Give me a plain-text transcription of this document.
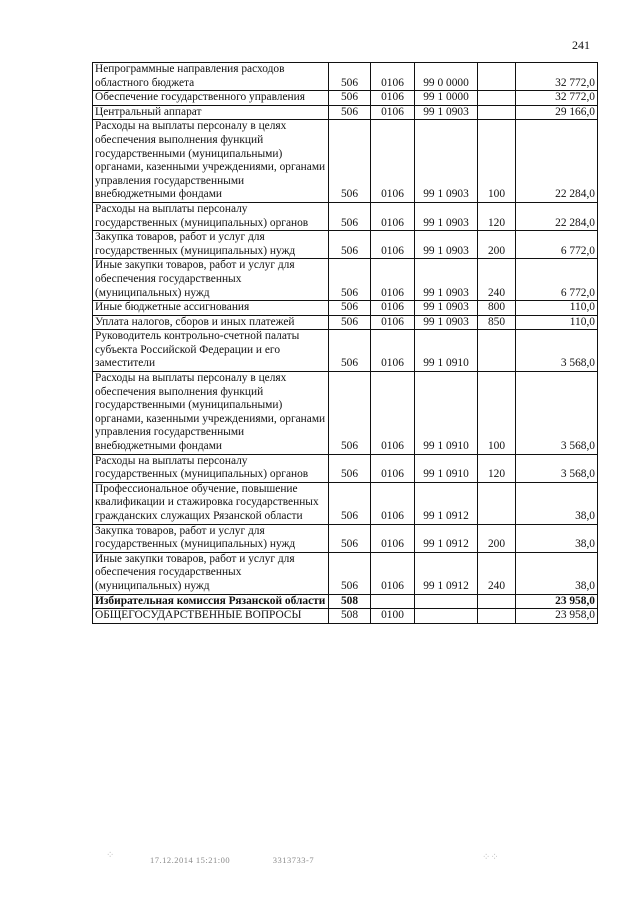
241
Непрограммные направления расходов областного бюджета	506	0106	99 0 0000		32 772,0
Обеспечение государственного управления	506	0106	99 1 0000		32 772,0
Центральный аппарат	506	0106	99 1 0903		29 166,0
Расходы на выплаты персоналу в целях обеспечения выполнения функций государственными (муниципальными) органами, казенными учреждениями, органами управления государственными внебюджетными фондами	506	0106	99 1 0903	100	22 284,0
Расходы на выплаты персоналу государственных (муниципальных) органов	506	0106	99 1 0903	120	22 284,0
Закупка товаров, работ и услуг для государственных (муниципальных) нужд	506	0106	99 1 0903	200	6 772,0
Иные закупки товаров, работ и услуг для обеспечения государственных (муниципальных) нужд	506	0106	99 1 0903	240	6 772,0
Иные бюджетные ассигнования	506	0106	99 1 0903	800	110,0
Уплата налогов, сборов и иных платежей	506	0106	99 1 0903	850	110,0
Руководитель контрольно-счетной палаты субъекта Российской Федерации и его заместители	506	0106	99 1 0910		3 568,0
Расходы на выплаты персоналу в целях обеспечения выполнения функций государственными (муниципальными) органами, казенными учреждениями, органами управления государственными внебюджетными фондами	506	0106	99 1 0910	100	3 568,0
Расходы на выплаты персоналу государственных (муниципальных) органов	506	0106	99 1 0910	120	3 568,0
Профессиональное обучение, повышение квалификации и стажировка государственных гражданских служащих Рязанской области	506	0106	99 1 0912		38,0
Закупка товаров, работ и услуг для государственных (муниципальных) нужд	506	0106	99 1 0912	200	38,0
Иные закупки товаров, работ и услуг для обеспечения государственных (муниципальных) нужд	506	0106	99 1 0912	240	38,0
Избирательная комиссия Рязанской области	508				23 958,0
ОБЩЕГОСУДАРСТВЕННЫЕ ВОПРОСЫ	508	0100			23 958,0
⁘	⁘⁘
17.12.2014 15:21:00	3313733-7
